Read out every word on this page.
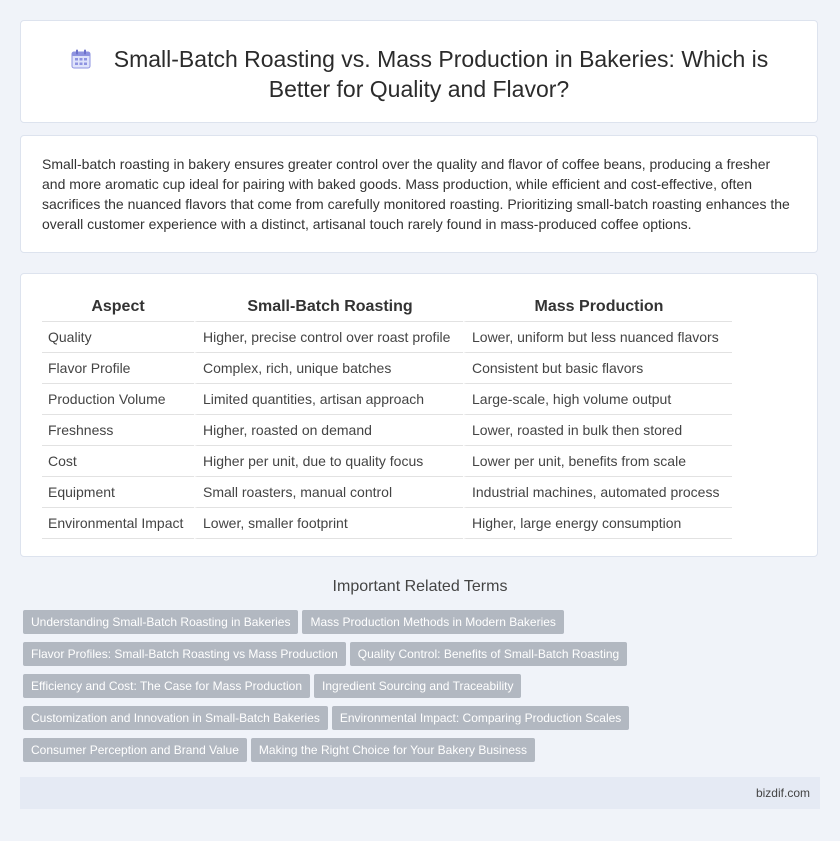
Small-Batch Roasting vs. Mass Production in Bakeries: Which is Better for Quality and Flavor?

Small-batch roasting in bakery ensures greater control over the quality and flavor of coffee beans, producing a fresher and more aromatic cup ideal for pairing with baked goods. Mass production, while efficient and cost-effective, often sacrifices the nuanced flavors that come from carefully monitored roasting. Prioritizing small-batch roasting enhances the overall customer experience with a distinct, artisanal touch rarely found in mass-produced coffee options.

Aspect	Small-Batch Roasting	Mass Production
Quality	Higher, precise control over roast profile	Lower, uniform but less nuanced flavors
Flavor Profile	Complex, rich, unique batches	Consistent but basic flavors
Production Volume	Limited quantities, artisan approach	Large-scale, high volume output
Freshness	Higher, roasted on demand	Lower, roasted in bulk then stored
Cost	Higher per unit, due to quality focus	Lower per unit, benefits from scale
Equipment	Small roasters, manual control	Industrial machines, automated process
Environmental Impact	Lower, smaller footprint	Higher, large energy consumption
Important Related Terms
Understanding Small-Batch Roasting in Bakeries Mass Production Methods in Modern Bakeries
Flavor Profiles: Small-Batch Roasting vs Mass Production Quality Control: Benefits of Small-Batch Roasting
Efficiency and Cost: The Case for Mass Production Ingredient Sourcing and Traceability
Customization and Innovation in Small-Batch Bakeries Environmental Impact: Comparing Production Scales
Consumer Perception and Brand Value Making the Right Choice for Your Bakery Business
bizdif.com
